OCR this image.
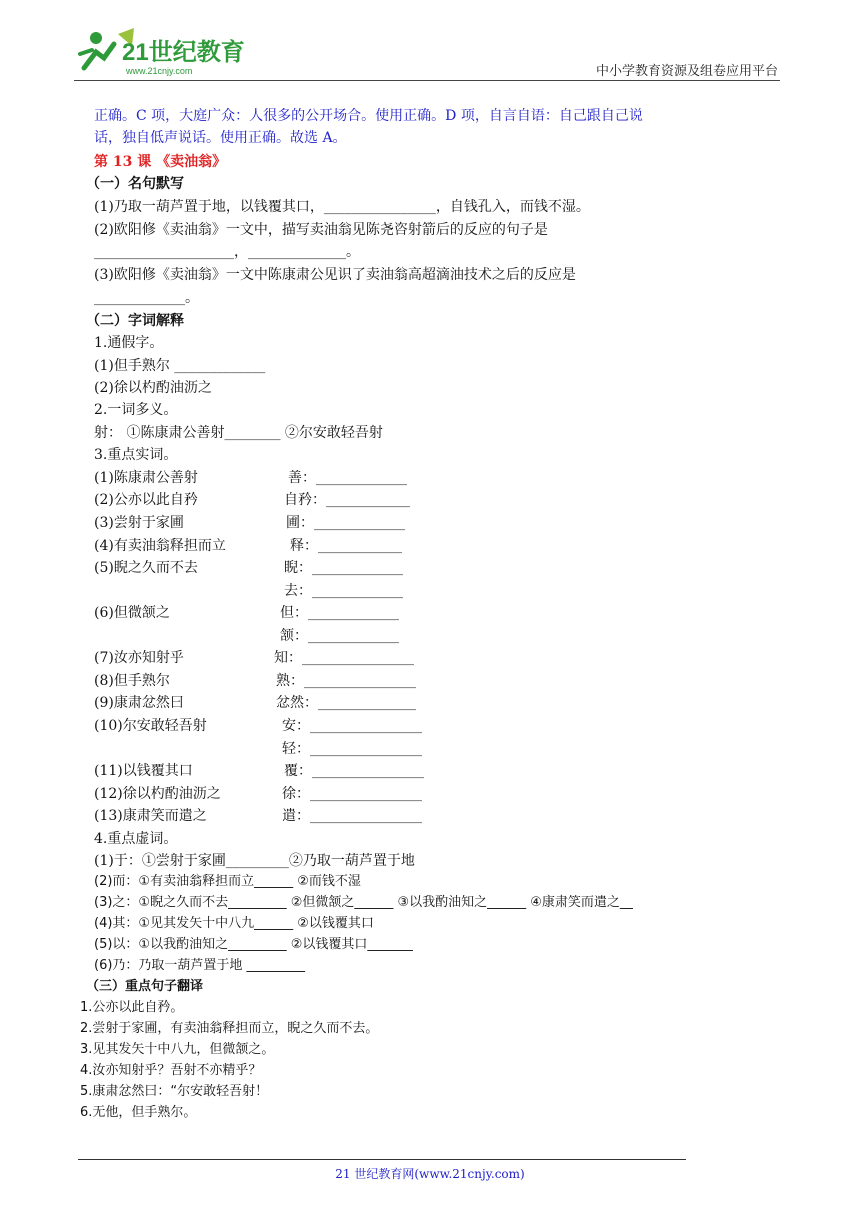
21世纪教育
www.21cnjy.com	中小学教育资源及组卷应用平台
正确。C 项，大庭广众：人很多的公开场合。使用正确。D 项，自言自语：自己跟自己说
话，独自低声说话。使用正确。故选 A。
第 13 课 《卖油翁》
（一）名句默写
(1)乃取一葫芦置于地，以钱覆其口，________________，自钱孔入，而钱不湿。
(2)欧阳修《卖油翁》一文中，描写卖油翁见陈尧咨射箭后的反应的句子是
____________________，______________。
(3)欧阳修《卖油翁》一文中陈康肃公见识了卖油翁高超滴油技术之后的反应是
_____________。
（二）字词解释
1.通假字。
(1)但手熟尔 _____________
(2)徐以杓酌油沥之
2.一词多义。
射： ①陈康肃公善射________ ②尔安敢轻吾射
3.重点实词。
(1)陈康肃公善射	善：_____________
(2)公亦以此自矜	自矜：____________
(3)尝射于家圃	圃：_____________
(4)有卖油翁释担而立	释：____________
(5)睨之久而不去	睨：_____________
去：_____________
(6)但微颔之	但：_____________
颔：_____________
(7)汝亦知射乎	知：________________
(8)但手熟尔	熟：________________
(9)康肃忿然曰	忿然：______________
(10)尔安敢轻吾射	安：________________
轻：________________
(11)以钱覆其口	覆：________________
(12)徐以杓酌油沥之	徐：________________
(13)康肃笑而遣之	遣：________________
4.重点虚词。
(1)于：①尝射于家圃_________②乃取一葫芦置于地
(2)而：①有卖油翁释担而立______ ②而钱不湿
(3)之：①睨之久而不去_________ ②但微颔之______ ③以我酌油知之______ ④康肃笑而遣之__
(4)其：①见其发矢十中八九______ ②以钱覆其口
(5)以：①以我酌油知之_________ ②以钱覆其口_______
(6)乃：乃取一葫芦置于地 _________
（三）重点句子翻译
1.公亦以此自矜。
2.尝射于家圃，有卖油翁释担而立，睨之久而不去。
3.见其发矢十中八九，但微颔之。
4.汝亦知射乎？吾射不亦精乎？
5.康肃忿然曰：“尔安敢轻吾射！
6.无他，但手熟尔。
21 世纪教育网(www.21cnjy.com)
